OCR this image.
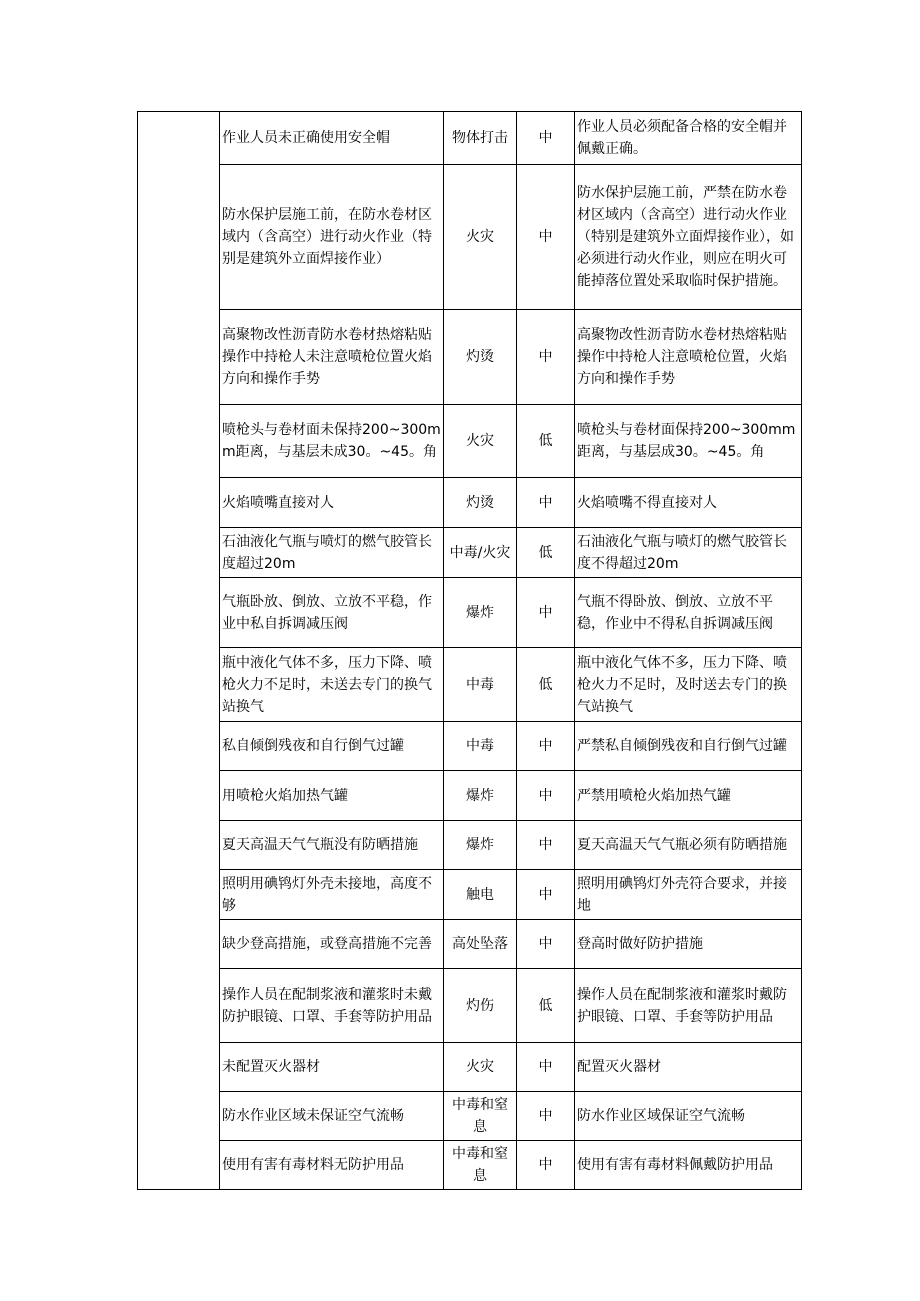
	作业人员未正确使用安全帽	物体打击	中	作业人员必须配备合格的安全帽并佩戴正确。
	防水保护层施工前，在防水卷材区域内（含高空）进行动火作业（特别是建筑外立面焊接作业）	火灾	中	防水保护层施工前，严禁在防水卷材区域内（含高空）进行动火作业（特别是建筑外立面焊接作业），如必须进行动火作业，则应在明火可能掉落位置处采取临时保护措施。
	高聚物改性沥青防水卷材热熔粘贴操作中持枪人未注意喷枪位置火焰方向和操作手势	灼烫	中	高聚物改性沥青防水卷材热熔粘贴操作中持枪人注意喷枪位置，火焰方向和操作手势
	喷枪头与卷材面未保持200~300mm距离，与基层未成30。~45。角	火灾	低	喷枪头与卷材面保持200~300mm距离，与基层成30。~45。角
	火焰喷嘴直接对人	灼烫	中	火焰喷嘴不得直接对人
	石油液化气瓶与喷灯的燃气胶管长度超过20m	中毒/火灾	低	石油液化气瓶与喷灯的燃气胶管长度不得超过20m
	气瓶卧放、倒放、立放不平稳，作业中私自拆调减压阀	爆炸	中	气瓶不得卧放、倒放、立放不平稳，作业中不得私自拆调减压阀
	瓶中液化气体不多，压力下降、喷枪火力不足时，未送去专门的换气站换气	中毒	低	瓶中液化气体不多，压力下降、喷枪火力不足时，及时送去专门的换气站换气
	私自倾倒残夜和自行倒气过罐	中毒	中	严禁私自倾倒残夜和自行倒气过罐
	用喷枪火焰加热气罐	爆炸	中	严禁用喷枪火焰加热气罐
	夏天高温天气气瓶没有防晒措施	爆炸	中	夏天高温天气气瓶必须有防晒措施
	照明用碘鸨灯外壳未接地，高度不够	触电	中	照明用碘鸨灯外壳符合要求，并接地
	缺少登高措施，或登高措施不完善	高处坠落	中	登高时做好防护措施
	操作人员在配制浆液和灌浆时未戴防护眼镜、口罩、手套等防护用品	灼伤	低	操作人员在配制浆液和灌浆时戴防护眼镜、口罩、手套等防护用品
	未配置灭火器材	火灾	中	配置灭火器材
	防水作业区域未保证空气流畅	中毒和窒息	中	防水作业区域保证空气流畅
	使用有害有毒材料无防护用品	中毒和窒息	中	使用有害有毒材料佩戴防护用品
